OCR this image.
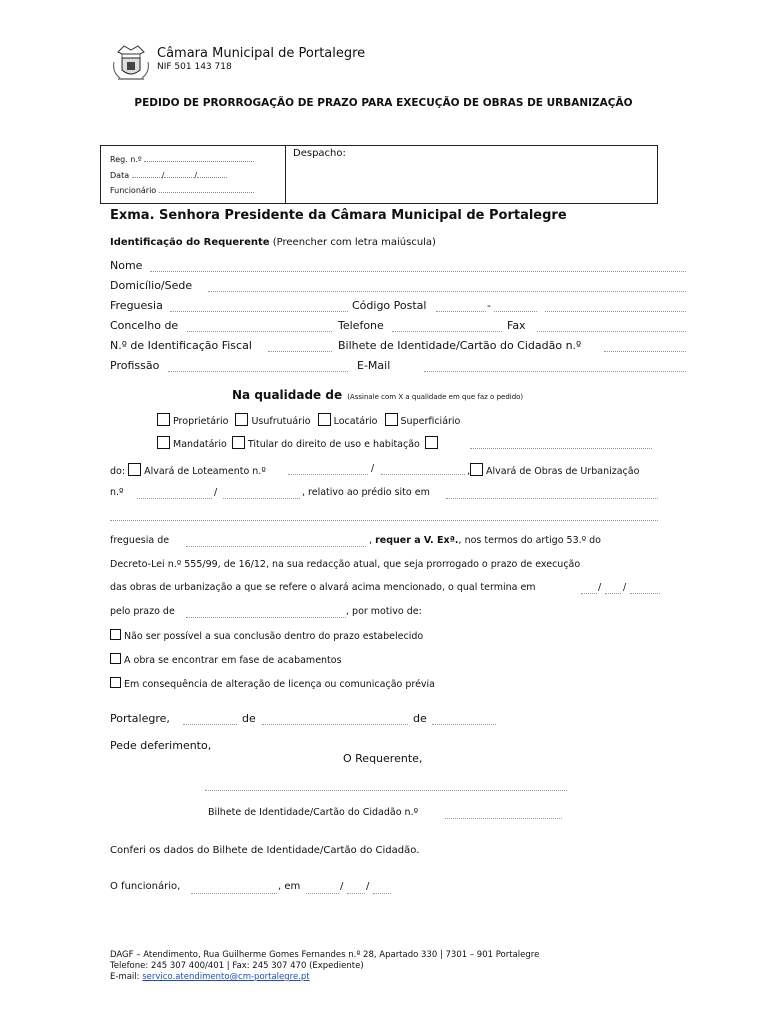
Câmara Municipal de Portalegre
NIF 501 143 718
PEDIDO DE PRORROGAÇÃO DE PRAZO PARA EXECUÇÃO DE OBRAS DE URBANIZAÇÃO
Reg. n.º
Data	/	/
Funcionário
Despacho:
Exma. Senhora Presidente da Câmara Municipal de Portalegre
Identificação do Requerente (Preencher com letra maiúscula)
Nome
Domicílio/Sede
Freguesia	Código Postal	-
Concelho de	Telefone	Fax
N.º de Identificação Fiscal	Bilhete de Identidade/Cartão do Cidadão n.º
Profissão	E-Mail
Na qualidade de (Assinale com X a qualidade em que faz o pedido)
Proprietário Usufrutuário Locatário Superficiário
Mandatário Titular do direito de uso e habitação
do: Alvará de Loteamento n.º	/	, Alvará de Obras de Urbanização
n.º	/	, relativo ao prédio sito em
freguesia de	, requer a V. Exª., nos termos do artigo 53.º do
Decreto-Lei n.º 555/99, de 16/12, na sua redacção atual, que seja prorrogado o prazo de execução
das obras de urbanização a que se refere o alvará acima mencionado, o qual termina em	/ /
pelo prazo de	, por motivo de:
Não ser possível a sua conclusão dentro do prazo estabelecido
A obra se encontrar em fase de acabamentos
Em consequência de alteração de licença ou comunicação prévia
Portalegre,	de	de
Pede deferimento,
O Requerente,
Bilhete de Identidade/Cartão do Cidadão n.º
Conferi os dados do Bilhete de Identidade/Cartão do Cidadão.
O funcionário,	, em	/ /
DAGF – Atendimento, Rua Guilherme Gomes Fernandes n.º 28, Apartado 330 | 7301 – 901 Portalegre
Telefone: 245 307 400/401 | Fax: 245 307 470 (Expediente)
E-mail: servico.atendimento@cm-portalegre.pt
